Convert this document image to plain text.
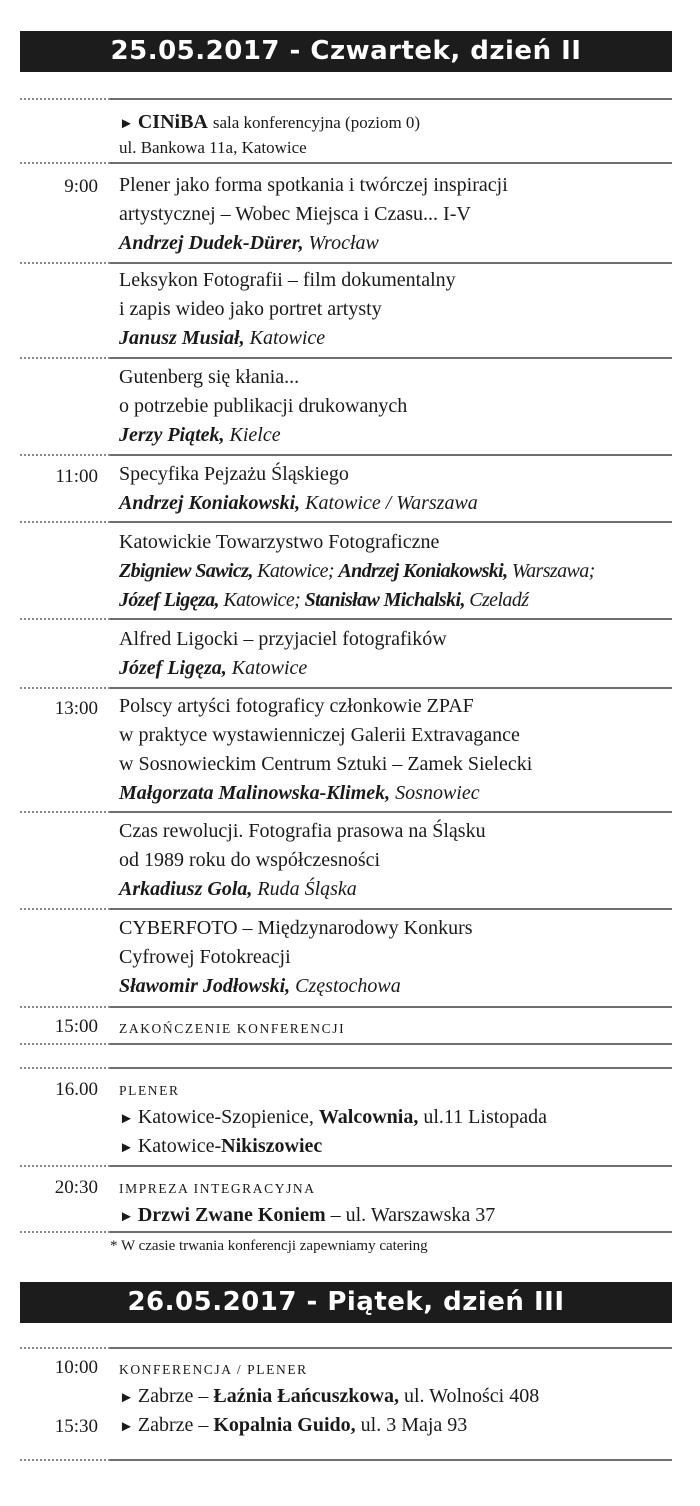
25.05.2017 - Czwartek, dzień II
► CINiBA sala konferencyjna (poziom 0)
ul. Bankowa 11a, Katowice
9:00 Plener jako forma spotkania i twórczej inspiracji
artystycznej – Wobec Miejsca i Czasu... I-V
Andrzej Dudek-Dürer, Wrocław
Leksykon Fotografii – film dokumentalny
i zapis wideo jako portret artysty
Janusz Musiał, Katowice
Gutenberg się kłania...
o potrzebie publikacji drukowanych
Jerzy Piątek, Kielce
11:00 Specyfika Pejzażu Śląskiego
Andrzej Koniakowski, Katowice / Warszawa
Katowickie Towarzystwo Fotograficzne
Zbigniew Sawicz, Katowice; Andrzej Koniakowski, Warszawa;
Józef Ligęza, Katowice; Stanisław Michalski, Czeladź
Alfred Ligocki – przyjaciel fotografików
Józef Ligęza, Katowice
13:00 Polscy artyści fotograficy członkowie ZPAF
w praktyce wystawienniczej Galerii Extravagance
w Sosnowieckim Centrum Sztuki – Zamek Sielecki
Małgorzata Malinowska-Klimek, Sosnowiec
Czas rewolucji. Fotografia prasowa na Śląsku
od 1989 roku do współczesności
Arkadiusz Gola, Ruda Śląska
CYBERFOTO – Międzynarodowy Konkurs
Cyfrowej Fotokreacji
Sławomir Jodłowski, Częstochowa
15:00 ZAKOŃCZENIE KONFERENCJI
16.00 PLENER
► Katowice-Szopienice, Walcownia, ul.11 Listopada
► Katowice-Nikiszowiec
20:30 IMPREZA INTEGRACYJNA
► Drzwi Zwane Koniem – ul. Warszawska 37
* W czasie trwania konferencji zapewniamy catering
26.05.2017 - Piątek, dzień III
10:00 KONFERENCJA / PLENER
► Zabrze – Łaźnia Łańcuszkowa, ul. Wolności 408
► Zabrze – Kopalnia Guido, ul. 3 Maja 93
15:30
